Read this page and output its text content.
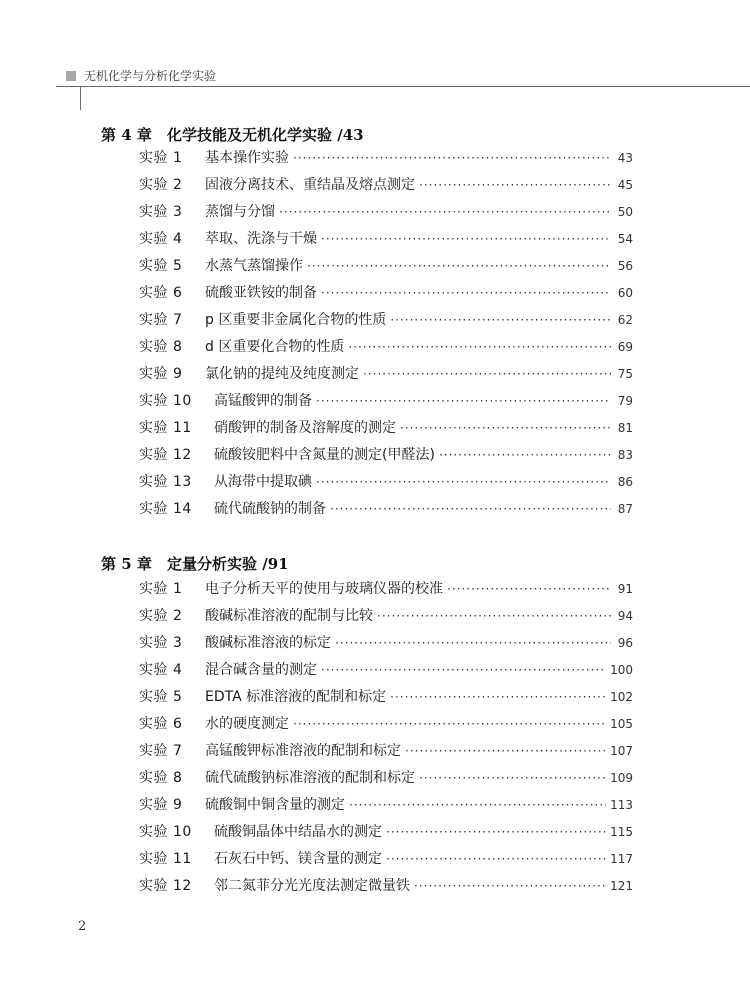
无机化学与分析化学实验
第 4 章 化学技能及无机化学实验 /43
实验 1	基本操作实验 ·····	43
实验 2	固液分离技术、重结晶及熔点测定 ·····	45
实验 3	蒸馏与分馏 ·····	50
实验 4	萃取、洗涤与干燥 ·····	54
实验 5	水蒸气蒸馏操作 ·····	56
实验 6	硫酸亚铁铵的制备 ·····	60
实验 7	p 区重要非金属化合物的性质 ·····	62
实验 8	d 区重要化合物的性质 ·····	69
实验 9	氯化钠的提纯及纯度测定 ·····	75
实验 10	高锰酸钾的制备 ·····	79
实验 11	硝酸钾的制备及溶解度的测定 ·····	81
实验 12	硫酸铵肥料中含氮量的测定(甲醛法) ·····	83
实验 13	从海带中提取碘 ·····	86
实验 14	硫代硫酸钠的制备 ·····	87
第 5 章 定量分析实验 /91
实验 1	电子分析天平的使用与玻璃仪器的校准 ·····	91
实验 2	酸碱标准溶液的配制与比较 ·····	94
实验 3	酸碱标准溶液的标定 ·····	96
实验 4	混合碱含量的测定 ·····	100
实验 5	EDTA 标准溶液的配制和标定 ·····	102
实验 6	水的硬度测定 ·····	105
实验 7	高锰酸钾标准溶液的配制和标定 ·····	107
实验 8	硫代硫酸钠标准溶液的配制和标定 ·····	109
实验 9	硫酸铜中铜含量的测定 ·····	113
实验 10	硫酸铜晶体中结晶水的测定 ·····	115
实验 11	石灰石中钙、镁含量的测定 ·····	117
实验 12	邻二氮菲分光光度法测定微量铁 ·····	121
2
